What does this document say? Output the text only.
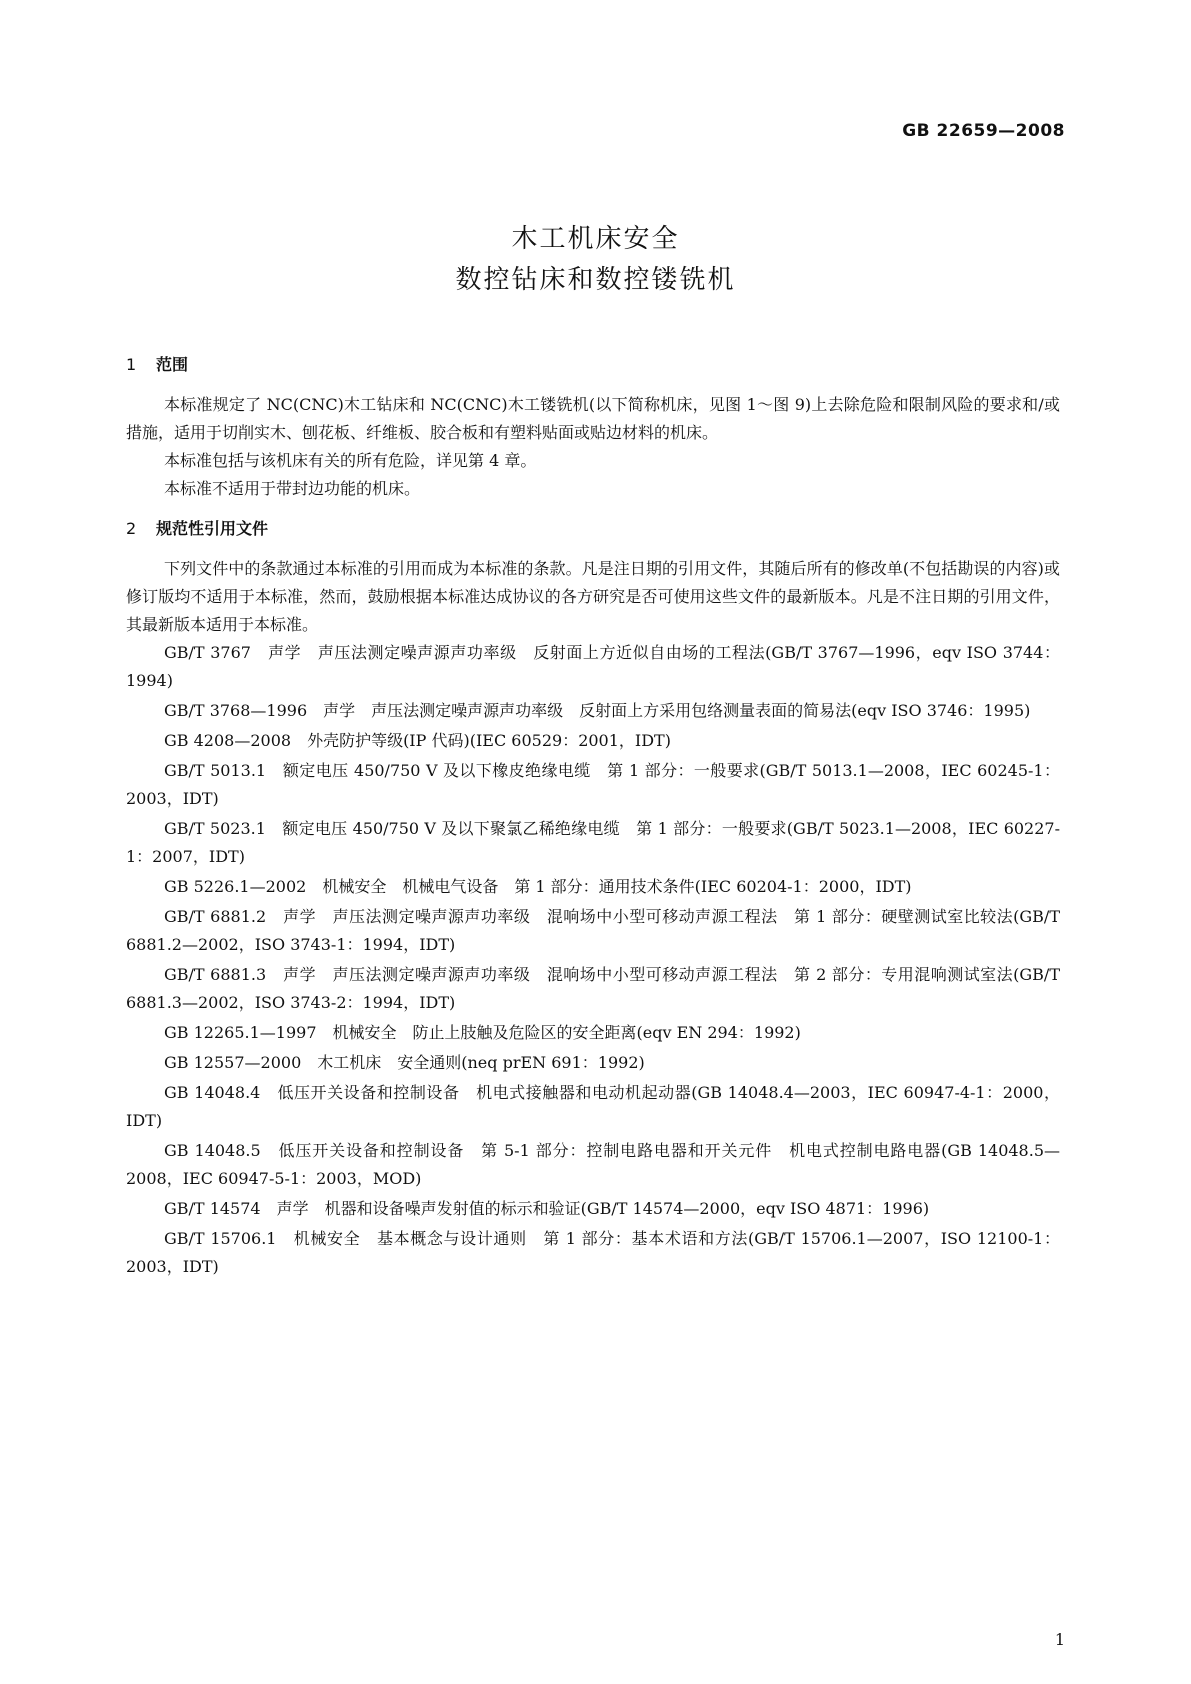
GB 22659—2008
木工机床安全
数控钻床和数控镂铣机
1 范围

本标准规定了 NC(CNC)木工钻床和 NC(CNC)木工镂铣机(以下简称机床，见图 1～图 9)上去除危险和限制风险的要求和/或措施，适用于切削实木、刨花板、纤维板、胶合板和有塑料贴面或贴边材料的机床。

本标准包括与该机床有关的所有危险，详见第 4 章。

本标准不适用于带封边功能的机床。

2 规范性引用文件

下列文件中的条款通过本标准的引用而成为本标准的条款。凡是注日期的引用文件，其随后所有的修改单(不包括勘误的内容)或修订版均不适用于本标准，然而，鼓励根据本标准达成协议的各方研究是否可使用这些文件的最新版本。凡是不注日期的引用文件，其最新版本适用于本标准。

GB/T 3767　声学　声压法测定噪声源声功率级　反射面上方近似自由场的工程法(GB/T 3767—1996，eqv ISO 3744：1994)

GB/T 3768—1996　声学　声压法测定噪声源声功率级　反射面上方采用包络测量表面的简易法(eqv ISO 3746：1995)

GB 4208—2008　外壳防护等级(IP 代码)(IEC 60529：2001，IDT)

GB/T 5013.1　额定电压 450/750 V 及以下橡皮绝缘电缆　第 1 部分：一般要求(GB/T 5013.1—2008，IEC 60245-1：2003，IDT)

GB/T 5023.1　额定电压 450/750 V 及以下聚氯乙稀绝缘电缆　第 1 部分：一般要求(GB/T 5023.1—2008，IEC 60227-1：2007，IDT)

GB 5226.1—2002　机械安全　机械电气设备　第 1 部分：通用技术条件(IEC 60204-1：2000，IDT)

GB/T 6881.2　声学　声压法测定噪声源声功率级　混响场中小型可移动声源工程法　第 1 部分：硬壁测试室比较法(GB/T 6881.2—2002，ISO 3743-1：1994，IDT)

GB/T 6881.3　声学　声压法测定噪声源声功率级　混响场中小型可移动声源工程法　第 2 部分：专用混响测试室法(GB/T 6881.3—2002，ISO 3743-2：1994，IDT)

GB 12265.1—1997　机械安全　防止上肢触及危险区的安全距离(eqv EN 294：1992)

GB 12557—2000　木工机床　安全通则(neq prEN 691：1992)

GB 14048.4　低压开关设备和控制设备　机电式接触器和电动机起动器(GB 14048.4—2003，IEC 60947-4-1：2000，IDT)

GB 14048.5　低压开关设备和控制设备　第 5-1 部分：控制电路电器和开关元件　机电式控制电路电器(GB 14048.5—2008，IEC 60947-5-1：2003，MOD)

GB/T 14574　声学　机器和设备噪声发射值的标示和验证(GB/T 14574—2000，eqv ISO 4871：1996)

GB/T 15706.1　机械安全　基本概念与设计通则　第 1 部分：基本术语和方法(GB/T 15706.1—2007，ISO 12100-1：2003，IDT)

1
